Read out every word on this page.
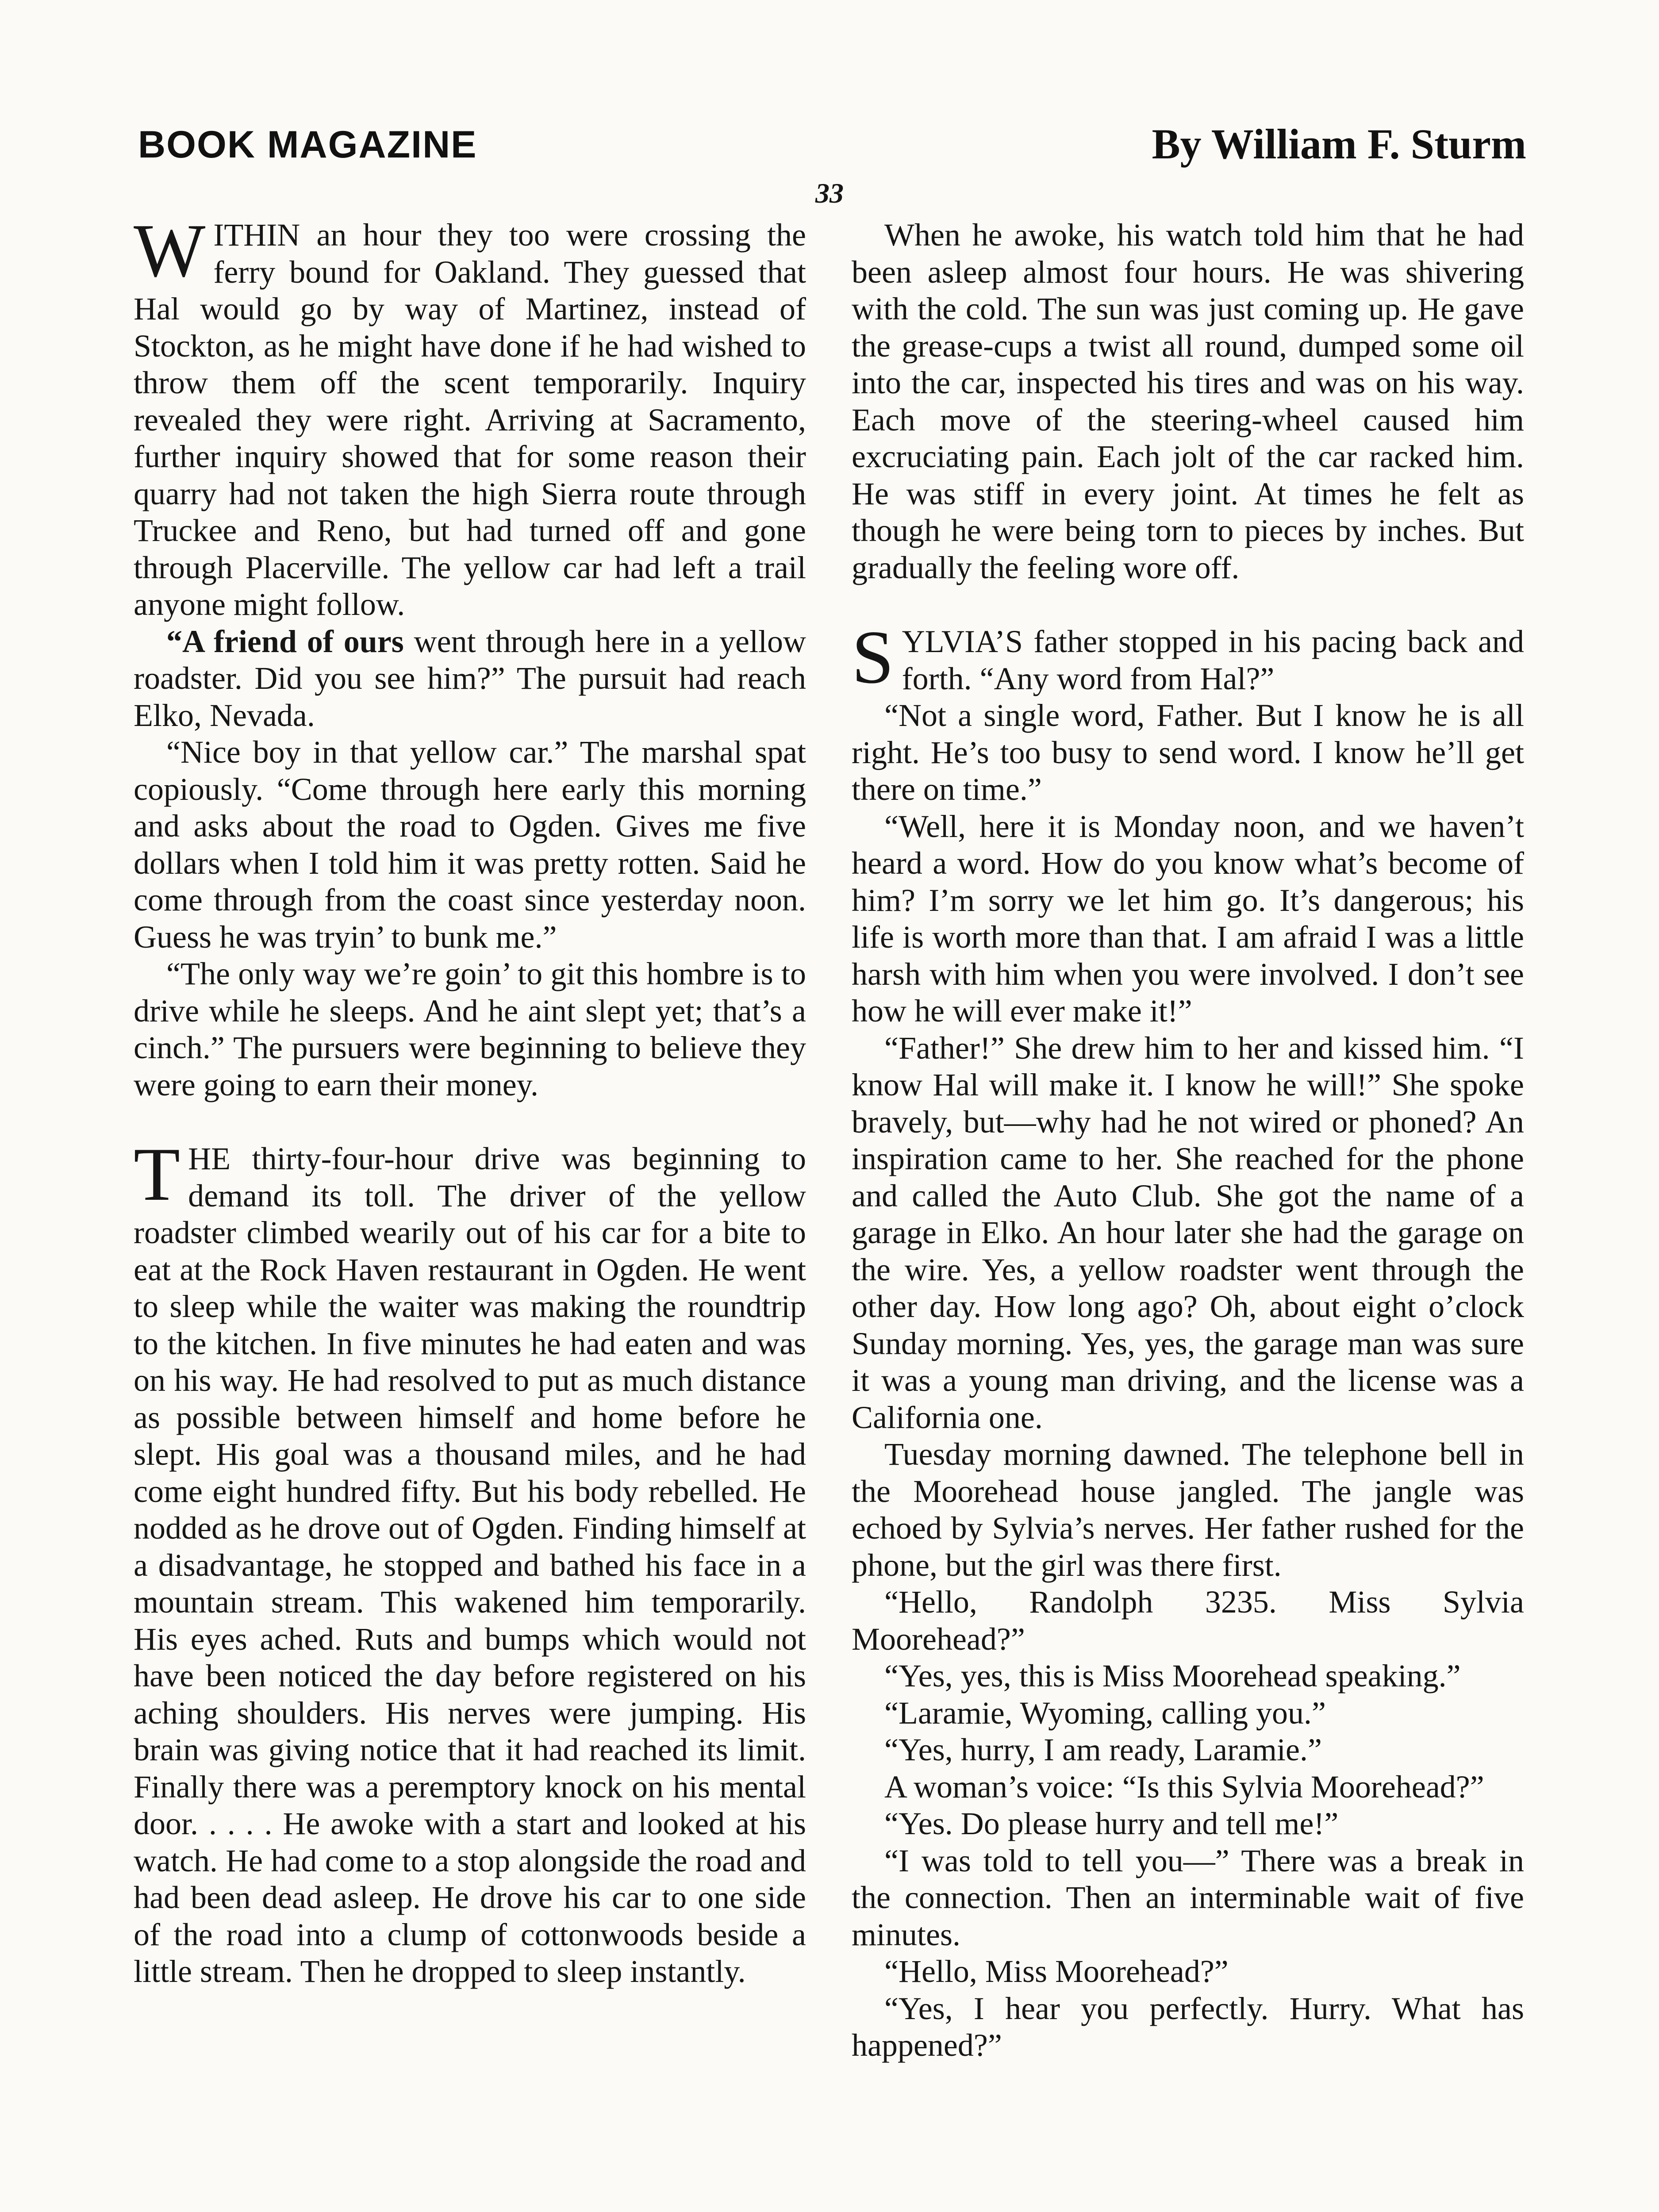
BOOK MAGAZINE	By William F. Sturm
33

WITHIN an hour they too were crossing the ferry bound for Oakland. They guessed that Hal would go by way of Martinez, instead of Stockton, as he might have done if he had wished to throw them off the scent temporarily. Inquiry revealed they were right. Arriving at Sacramento, further inquiry showed that for some reason their quarry had not taken the high Sierra route through Truckee and Reno, but had turned off and gone through Placerville. The yellow car had left a trail anyone might follow.

“A friend of ours went through here in a yellow roadster. Did you see him?” The pursuit had reach Elko, Nevada.

“Nice boy in that yellow car.” The marshal spat copiously. “Come through here early this morning and asks about the road to Ogden. Gives me five dollars when I told him it was pretty rotten. Said he come through from the coast since yesterday noon. Guess he was tryin’ to bunk me.”

“The only way we’re goin’ to git this hombre is to drive while he sleeps. And he aint slept yet; that’s a cinch.” The pursuers were beginning to believe they were going to earn their money.

THE thirty-four-hour drive was beginning to demand its toll. The driver of the yellow roadster climbed wearily out of his car for a bite to eat at the Rock Haven restaurant in Ogden. He went to sleep while the waiter was making the roundtrip to the kitchen. In five minutes he had eaten and was on his way. He had resolved to put as much distance as possible between himself and home before he slept. His goal was a thousand miles, and he had come eight hundred fifty. But his body rebelled. He nodded as he drove out of Ogden. Finding himself at a disadvantage, he stopped and bathed his face in a mountain stream. This wakened him temporarily. His eyes ached. Ruts and bumps which would not have been noticed the day before registered on his aching shoulders. His nerves were jumping. His brain was giving notice that it had reached its limit. Finally there was a peremptory knock on his mental door. . . . . He awoke with a start and looked at his watch. He had come to a stop alongside the road and had been dead asleep. He drove his car to one side of the road into a clump of cottonwoods beside a little stream. Then he dropped to sleep instantly.

When he awoke, his watch told him that he had been asleep almost four hours. He was shivering with the cold. The sun was just coming up. He gave the grease-cups a twist all round, dumped some oil into the car, inspected his tires and was on his way. Each move of the steering-wheel caused him excruciating pain. Each jolt of the car racked him. He was stiff in every joint. At times he felt as though he were being torn to pieces by inches. But gradually the feeling wore off.

SYLVIA’S father stopped in his pacing back and forth. “Any word from Hal?”

“Not a single word, Father. But I know he is all right. He’s too busy to send word. I know he’ll get there on time.”

“Well, here it is Monday noon, and we haven’t heard a word. How do you know what’s become of him? I’m sorry we let him go. It’s dangerous; his life is worth more than that. I am afraid I was a little harsh with him when you were involved. I don’t see how he will ever make it!”

“Father!” She drew him to her and kissed him. “I know Hal will make it. I know he will!” She spoke bravely, but—why had he not wired or phoned? An inspiration came to her. She reached for the phone and called the Auto Club. She got the name of a garage in Elko. An hour later she had the garage on the wire. Yes, a yellow roadster went through the other day. How long ago? Oh, about eight o’clock Sunday morning. Yes, yes, the garage man was sure it was a young man driving, and the license was a California one.

Tuesday morning dawned. The telephone bell in the Moorehead house jangled. The jangle was echoed by Sylvia’s nerves. Her father rushed for the phone, but the girl was there first.

“Hello, Randolph 3235. Miss Sylvia Moorehead?”

“Yes, yes, this is Miss Moorehead speaking.”

“Laramie, Wyoming, calling you.”

“Yes, hurry, I am ready, Laramie.”

A woman’s voice: “Is this Sylvia Moorehead?”

“Yes. Do please hurry and tell me!”

“I was told to tell you—” There was a break in the connection. Then an interminable wait of five minutes.

“Hello, Miss Moorehead?”

“Yes, I hear you perfectly. Hurry. What has happened?”
